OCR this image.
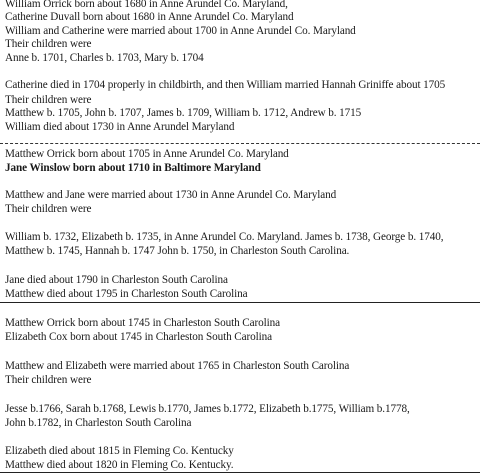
William Orrick born about 1680 in Anne Arundel Co. Maryland,
Catherine Duvall born about 1680 in Anne Arundel Co. Maryland
William and Catherine were married about 1700 in Anne Arundel Co. Maryland
Their children were
Anne b. 1701, Charles b. 1703, Mary b. 1704
Catherine died in 1704 properly in childbirth, and then William married Hannah Griniffe about 1705
Their children were
Matthew b. 1705, John b. 1707, James b. 1709, William b. 1712, Andrew b. 1715
William died about 1730 in Anne Arundel Maryland
Matthew Orrick born about 1705 in Anne Arundel Co. Maryland
Jane Winslow born about 1710 in Baltimore Maryland
Matthew and Jane were married about 1730 in Anne Arundel Co. Maryland
Their children were
William b. 1732, Elizabeth b. 1735, in Anne Arundel Co. Maryland. James b. 1738, George b. 1740,
Matthew b. 1745, Hannah b. 1747 John b. 1750, in Charleston South Carolina.
Jane died about 1790 in Charleston South Carolina
Matthew died about 1795 in Charleston South Carolina
Matthew Orrick born about 1745 in Charleston South Carolina
Elizabeth Cox born about 1745 in Charleston South Carolina
Matthew and Elizabeth were married about 1765 in Charleston South Carolina
Their children were
Jesse b.1766, Sarah b.1768, Lewis b.1770, James b.1772, Elizabeth b.1775, William b.1778,
John b.1782, in Charleston South Carolina
Elizabeth died about 1815 in Fleming Co. Kentucky
Matthew died about 1820 in Fleming Co. Kentucky.
